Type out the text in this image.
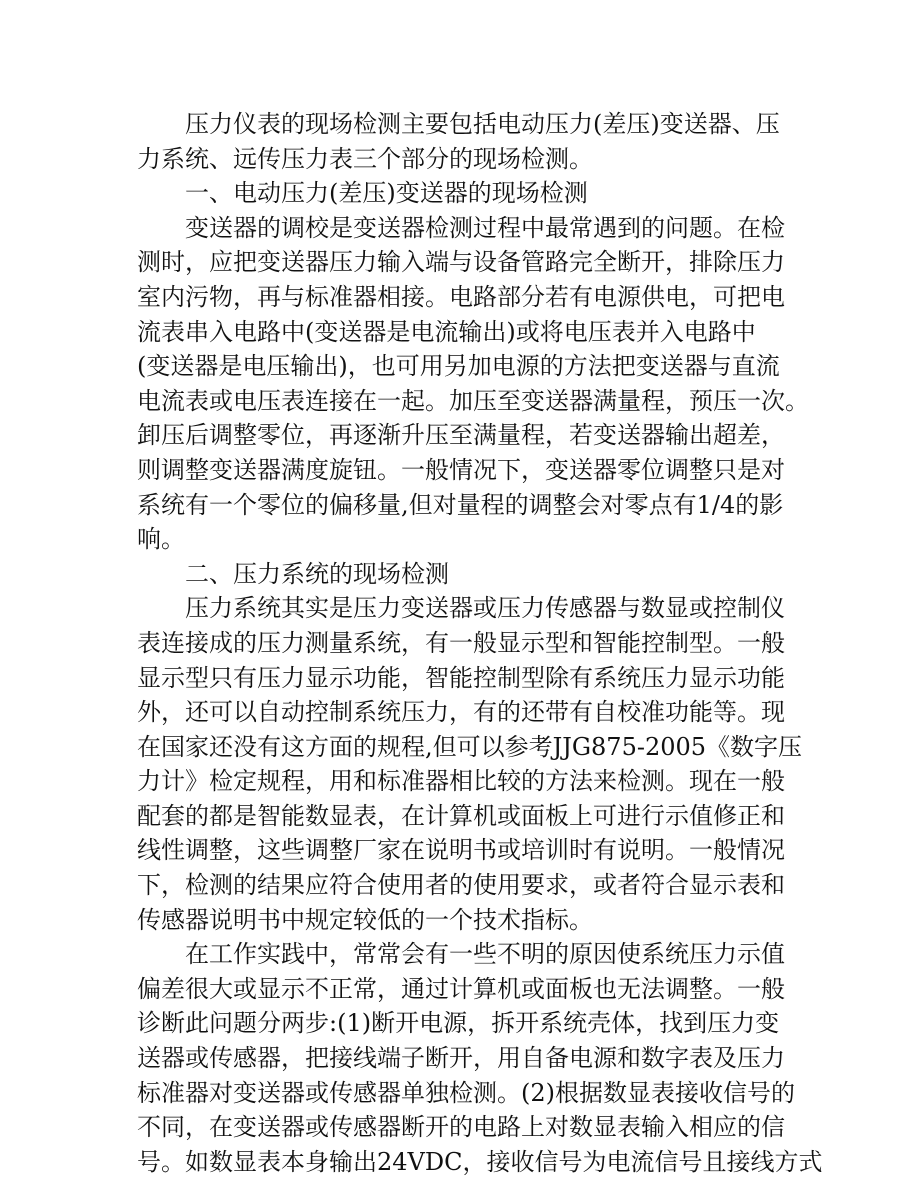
压力仪表的现场检测主要包括电动压力(差压)变送器、压
力系统、远传压力表三个部分的现场检测。
一、电动压力(差压)变送器的现场检测
变送器的调校是变送器检测过程中最常遇到的问题。在检
测时，应把变送器压力输入端与设备管路完全断开，排除压力
室内污物，再与标准器相接。电路部分若有电源供电，可把电
流表串入电路中(变送器是电流输出)或将电压表并入电路中
(变送器是电压输出)，也可用另加电源的方法把变送器与直流
电流表或电压表连接在一起。加压至变送器满量程，预压一次。
卸压后调整零位，再逐渐升压至满量程，若变送器输出超差，
则调整变送器满度旋钮。一般情况下，变送器零位调整只是对
系统有一个零位的偏移量,但对量程的调整会对零点有1/4的影
响。
二、压力系统的现场检测
压力系统其实是压力变送器或压力传感器与数显或控制仪
表连接成的压力测量系统，有一般显示型和智能控制型。一般
显示型只有压力显示功能，智能控制型除有系统压力显示功能
外，还可以自动控制系统压力，有的还带有自校准功能等。现
在国家还没有这方面的规程,但可以参考JJG875-2005《数字压
力计》检定规程，用和标准器相比较的方法来检测。现在一般
配套的都是智能数显表，在计算机或面板上可进行示值修正和
线性调整，这些调整厂家在说明书或培训时有说明。一般情况
下，检测的结果应符合使用者的使用要求，或者符合显示表和
传感器说明书中规定较低的一个技术指标。
在工作实践中，常常会有一些不明的原因使系统压力示值
偏差很大或显示不正常，通过计算机或面板也无法调整。一般
诊断此问题分两步:(1)断开电源，拆开系统壳体，找到压力变
送器或传感器，把接线端子断开，用自备电源和数字表及压力
标准器对变送器或传感器单独检测。(2)根据数显表接收信号的
不同，在变送器或传感器断开的电路上对数显表输入相应的信
号。如数显表本身输出24VDC，接收信号为电流信号且接线方式
